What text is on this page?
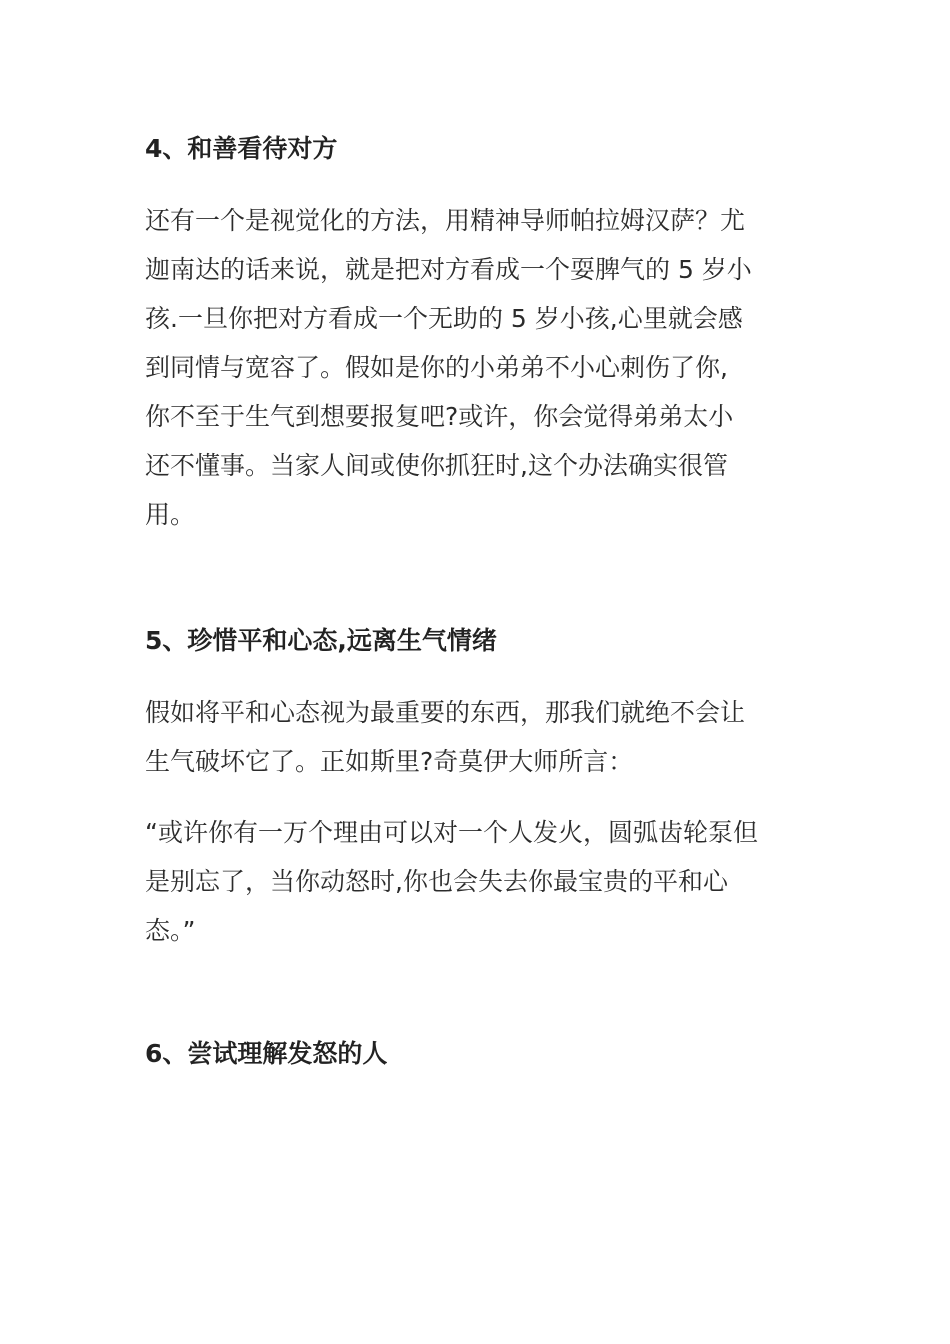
4、和善看待对方
还有一个是视觉化的方法，用精神导师帕拉姆汉萨？尤
迦南达的话来说，就是把对方看成一个耍脾气的 5 岁小
孩.一旦你把对方看成一个无助的 5 岁小孩,心里就会感
到同情与宽容了。假如是你的小弟弟不小心刺伤了你,
你不至于生气到想要报复吧?或许，你会觉得弟弟太小
还不懂事。当家人间或使你抓狂时,这个办法确实很管
用。
5、珍惜平和心态,远离生气情绪
假如将平和心态视为最重要的东西，那我们就绝不会让
生气破坏它了。正如斯里?奇莫伊大师所言：
“或许你有一万个理由可以对一个人发火，圆弧齿轮泵但
是别忘了，当你动怒时,你也会失去你最宝贵的平和心
态。”
6、尝试理解发怒的人
